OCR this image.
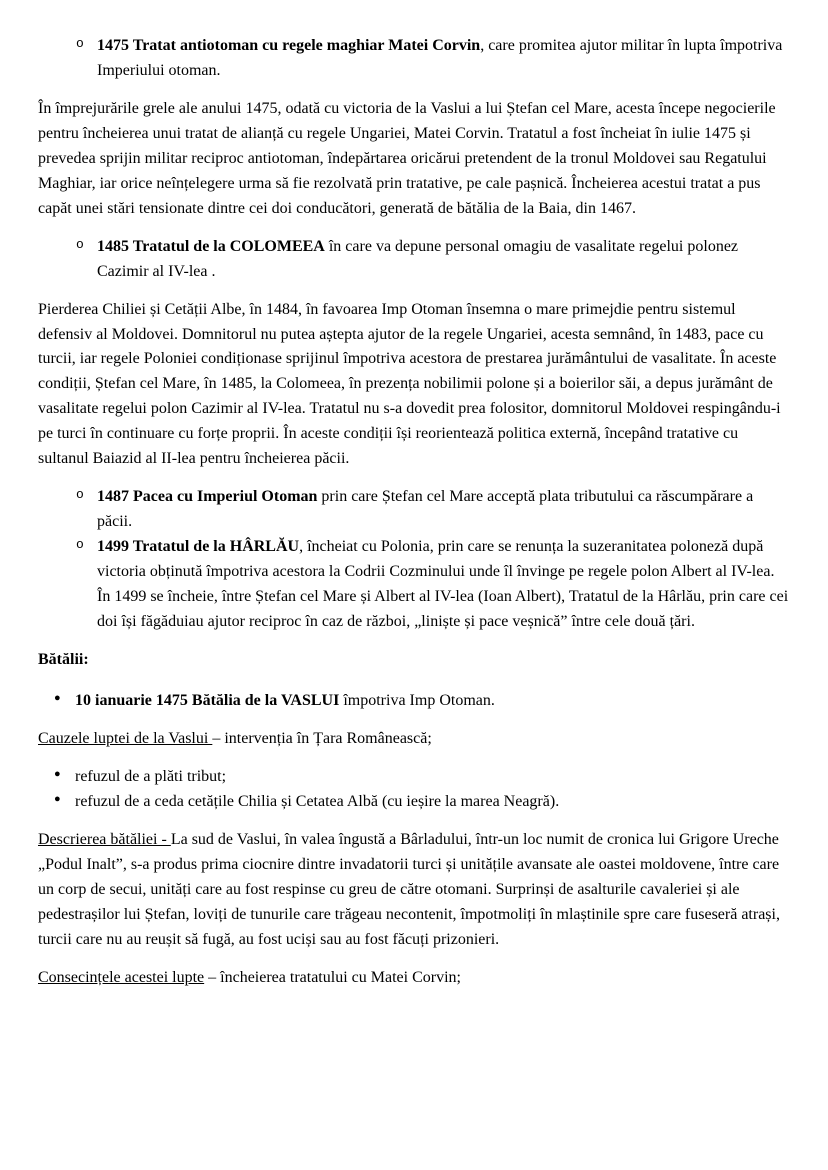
o 1475 Tratat antiotoman cu regele maghiar Matei Corvin, care promitea ajutor militar în lupta împotriva Imperiului otoman.
În împrejurările grele ale anului 1475, odată cu victoria de la Vaslui a lui Ștefan cel Mare, acesta începe negocierile pentru încheierea unui tratat de alianță cu regele Ungariei, Matei Corvin. Tratatul a fost încheiat în iulie 1475 și prevedea sprijin militar reciproc antiotoman, îndepărtarea oricărui pretendent de la tronul Moldovei sau Regatului Maghiar, iar orice neînțelegere urma să fie rezolvată prin tratative, pe cale pașnică. Încheierea acestui tratat a pus capăt unei stări tensionate dintre cei doi conducători, generată de bătălia de la Baia, din 1467.
o 1485 Tratatul de la COLOMEEA în care va depune personal omagiu de vasalitate regelui polonez Cazimir al IV-lea .
Pierderea Chiliei și Cetății Albe, în 1484, în favoarea Imp Otoman însemna o mare primejdie pentru sistemul defensiv al Moldovei. Domnitorul nu putea aștepta ajutor de la regele Ungariei, acesta semnând, în 1483, pace cu turcii, iar regele Poloniei condiționase sprijinul împotriva acestora de prestarea jurământului de vasalitate. În aceste condiții, Ștefan cel Mare, în 1485, la Colomeea, în prezența nobilimii polone și a boierilor săi, a depus jurământ de vasalitate regelui polon Cazimir al IV-lea. Tratatul nu s-a dovedit prea folositor, domnitorul Moldovei respingându-i pe turci în continuare cu forțe proprii. În aceste condiții își reorientează politica externă, începând tratative cu sultanul Baiazid al II-lea pentru încheierea păcii.
o 1487 Pacea cu Imperiul Otoman prin care Ștefan cel Mare acceptă plata tributului ca răscumpărare a păcii.
o 1499 Tratatul de la HÂRLĂU, încheiat cu Polonia, prin care se renunța la suzeranitatea poloneză după victoria obținută împotriva acestora la Codrii Cozminului unde îl învinge pe regele polon Albert al IV-lea. În 1499 se încheie, între Ștefan cel Mare și Albert al IV-lea (Ioan Albert), Tratatul de la Hârlău, prin care cei doi își făgăduiau ajutor reciproc în caz de război, „liniște și pace veșnică” între cele două țări.
Bătălii:
● 10 ianuarie 1475 Bătălia de la VASLUI împotriva Imp Otoman.
Cauzele luptei de la Vaslui – intervenția în Țara Românească;
● refuzul de a plăti tribut;
● refuzul de a ceda cetățile Chilia și Cetatea Albă (cu ieșire la marea Neagră).
Descrierea bătăliei - La sud de Vaslui, în valea îngustă a Bârladului, într-un loc numit de cronica lui Grigore Ureche „Podul Inalt”, s-a produs prima ciocnire dintre invadatorii turci și unitățile avansate ale oastei moldovene, între care un corp de secui, unități care au fost respinse cu greu de către otomani. Surprinși de asalturile cavaleriei și ale pedestrașilor lui Ștefan, loviți de tunurile care trăgeau necontenit, împotmoliți în mlaștinile spre care fuseseră atrași, turcii care nu au reușit să fugă, au fost uciși sau au fost făcuți prizonieri.
Consecințele acestei lupte – încheierea tratatului cu Matei Corvin;
